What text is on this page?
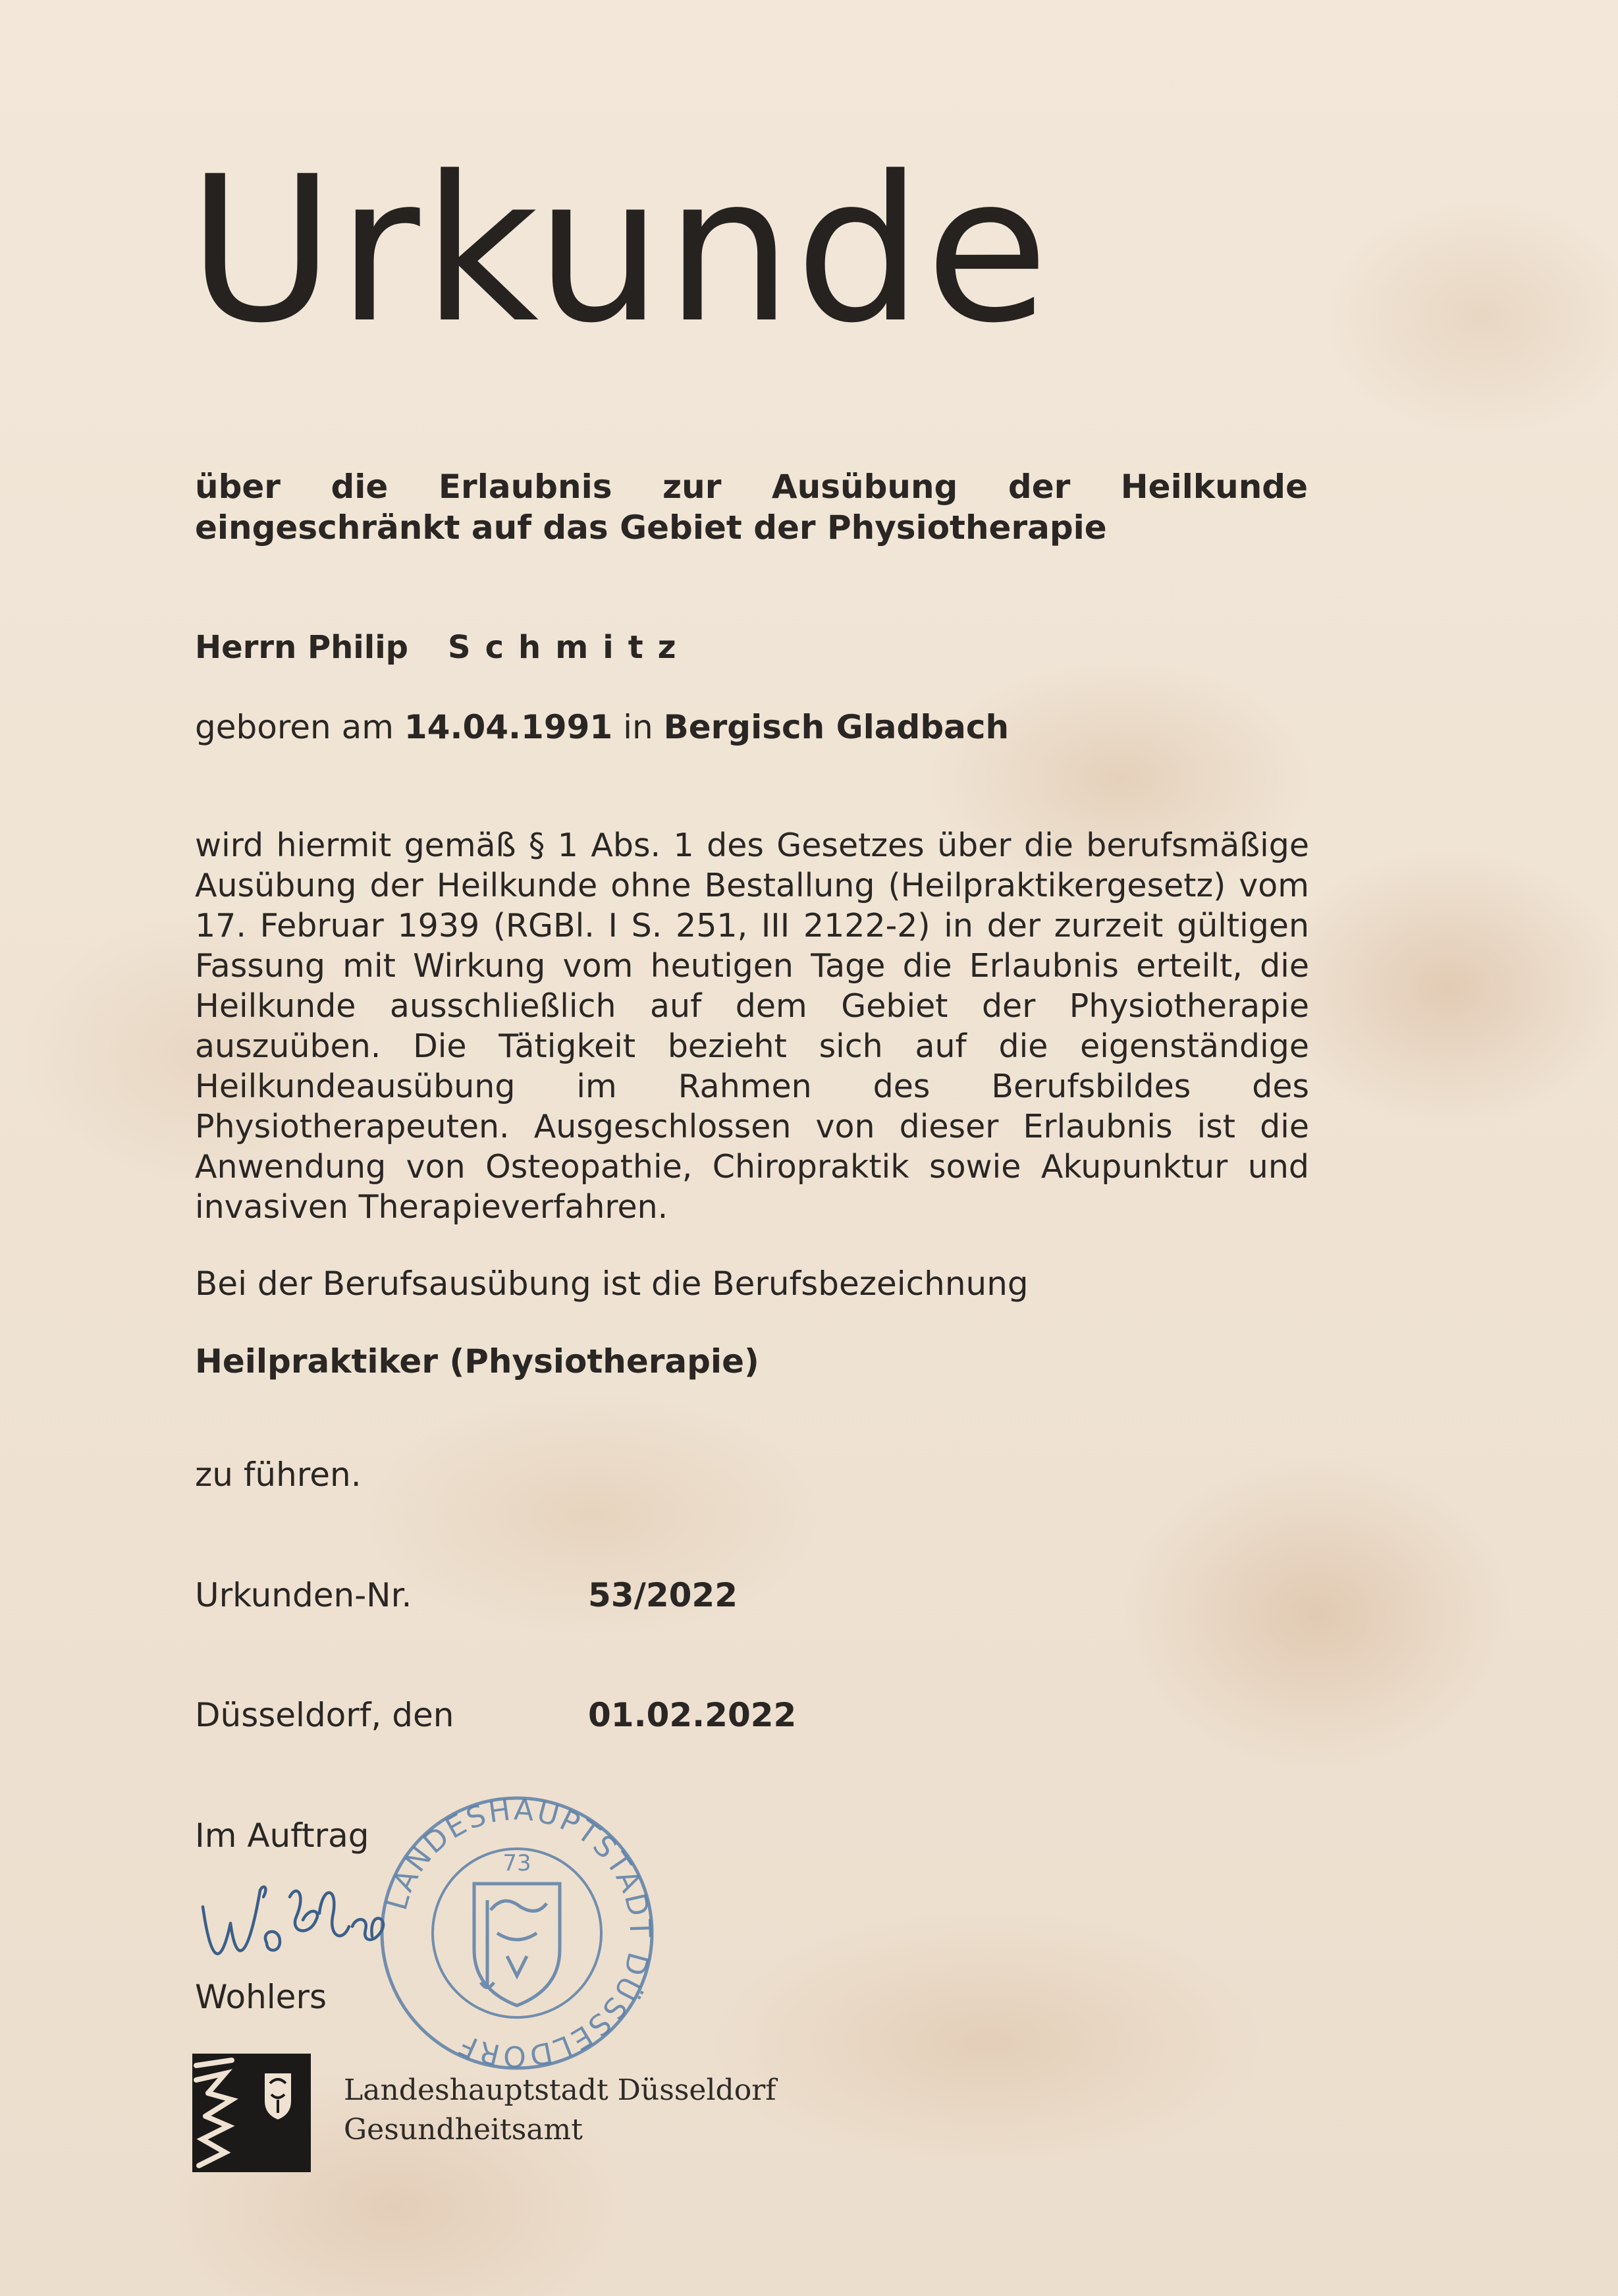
Urkunde
über die Erlaubnis zur Ausübung der Heilkunde
eingeschränkt auf das Gebiet der Physiotherapie
Herrn Philip Schmitz
geboren am 14.04.1991 in Bergisch Gladbach

wird hiermit gemäß § 1 Abs. 1 des Gesetzes über die berufsmäßige Ausübung der Heilkunde ohne Bestallung (Heilpraktikergesetz) vom 17. Februar 1939 (RGBl. I S. 251, III 2122-2) in der zurzeit gültigen Fassung mit Wirkung vom heutigen Tage die Erlaubnis erteilt, die Heilkunde ausschließlich auf dem Gebiet der Physiotherapie auszuüben. Die Tätigkeit bezieht sich auf die eigenständige Heilkundeausübung im Rahmen des Berufsbildes des Physiotherapeuten. Ausgeschlossen von dieser Erlaubnis ist die Anwendung von Osteopathie, Chiropraktik sowie Akupunktur und invasiven Therapieverfahren.

Bei der Berufsausübung ist die Berufsbezeichnung
Heilpraktiker (Physiotherapie)
zu führen.
Urkunden-Nr.	53/2022
Düsseldorf, den	01.02.2022
Im Auftrag
LANDESHAUPTSTADT DÜSSELDORF
73
Wohlers
Landeshauptstadt Düsseldorf
Gesundheitsamt
